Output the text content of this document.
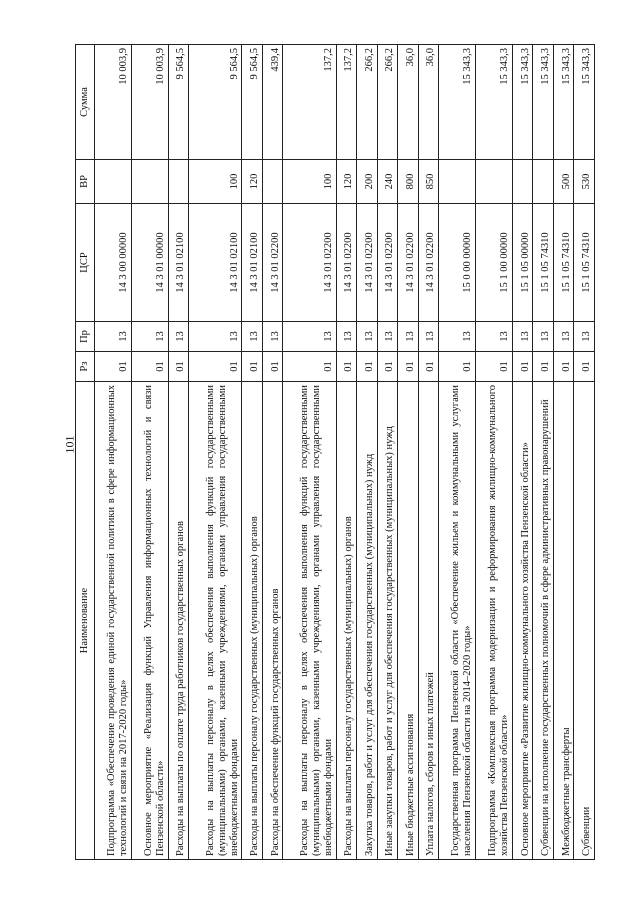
101
Наименование	Рз	Пр	ЦСР	ВР	Сумма
Подпрограмма «Обеспечение проведения единой государственной политики в сфере информационных технологий и связи на 2017-2020 годы»	01	13	14 3 00 00000		10 003,9
Основное мероприятие «Реализация функций Управления информационных технологий и связи Пензенской области»	01	13	14 3 01 00000		10 003,9
Расходы на выплаты по оплате труда работников государственных органов	01	13	14 3 01 02100		9 564,5
Расходы на выплаты персоналу в целях обеспечения выполнения функций государственными (муниципальными) органами, казенными учреждениями, органами управления государственными внебюджетными фондами	01	13	14 3 01 02100	100	9 564,5
Расходы на выплаты персоналу государственных (муниципальных) органов	01	13	14 3 01 02100	120	9 564,5
Расходы на обеспечение функций государственных органов	01	13	14 3 01 02200		439,4
Расходы на выплаты персоналу в целях обеспечения выполнения функций государственными (муниципальными) органами, казенными учреждениями, органами управления государственными внебюджетными фондами	01	13	14 3 01 02200	100	137,2
Расходы на выплаты персоналу государственных (муниципальных) органов	01	13	14 3 01 02200	120	137,2
Закупка товаров, работ и услуг для обеспечения государственных (муниципальных) нужд	01	13	14 3 01 02200	200	266,2
Иные закупки товаров, работ и услуг для обеспечения государственных (муниципальных) нужд	01	13	14 3 01 02200	240	266,2
Иные бюджетные ассигнования	01	13	14 3 01 02200	800	36,0
Уплата налогов, сборов и иных платежей	01	13	14 3 01 02200	850	36,0
Государственная программа Пензенской области «Обеспечение жильем и коммунальными услугами населения Пензенской области на 2014–2020 годы»	01	13	15 0 00 00000		15 343,3
Подпрограмма «Комплексная программа модернизации и реформирования жилищно-коммунального хозяйства Пензенской области»	01	13	15 1 00 00000		15 343,3
Основное мероприятие «Развитие жилищно-коммунального хозяйства Пензенской области»	01	13	15 1 05 00000		15 343,3
Субвенции на исполнение государственных полномочий в сфере административных правонарушений	01	13	15 1 05 74310		15 343,3
Межбюджетные трансферты	01	13	15 1 05 74310	500	15 343,3
Субвенции	01	13	15 1 05 74310	530	15 343,3
